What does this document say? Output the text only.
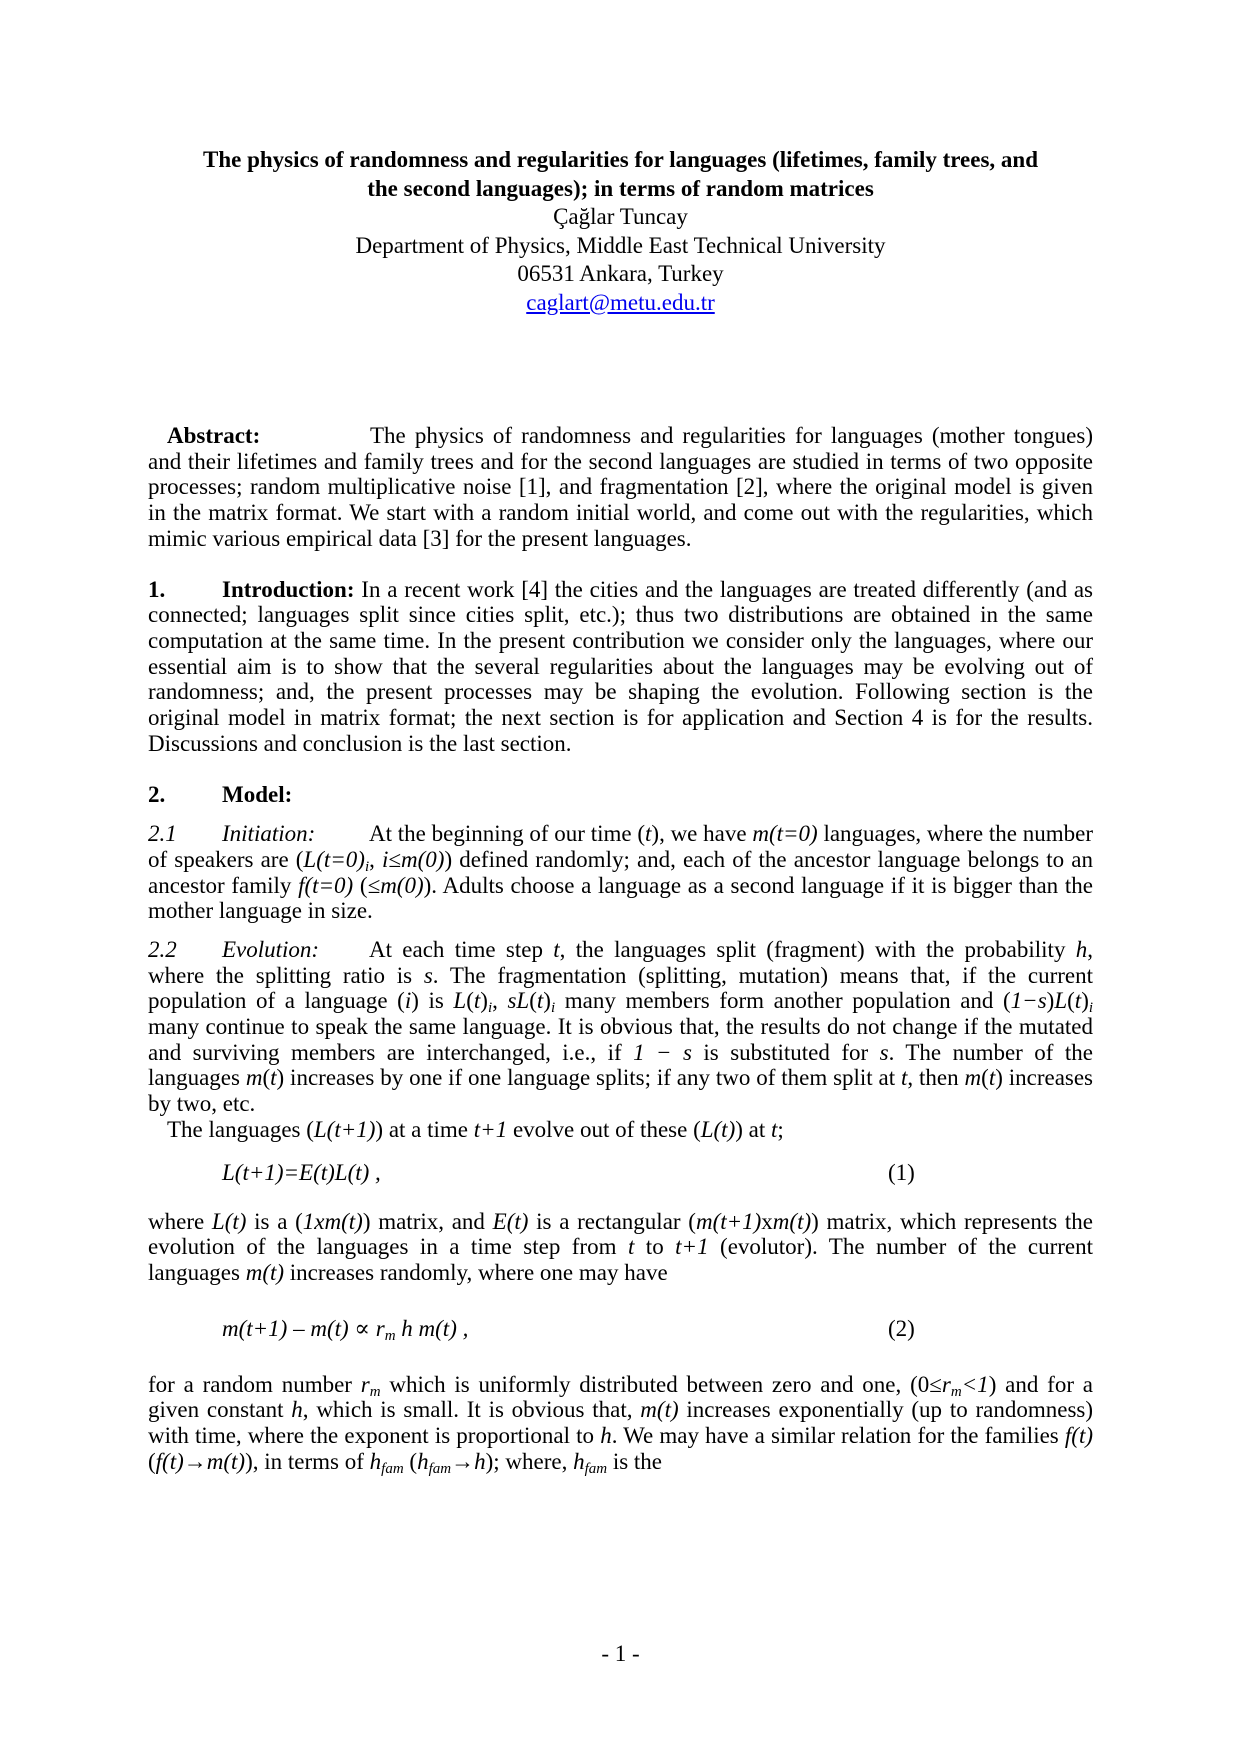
The physics of randomness and regularities for languages (lifetimes, family trees, and
the second languages); in terms of random matrices
Çağlar Tuncay
Department of Physics, Middle East Technical University
06531 Ankara, Turkey
caglart@metu.edu.tr
Abstract:	The physics of randomness and regularities for languages (mother tongues) and their lifetimes and family trees and for the second languages are studied in terms of two opposite processes; random multiplicative noise [1], and fragmentation [2], where the original model is given in the matrix format. We start with a random initial world, and come out with the regularities, which mimic various empirical data [3] for the present languages.
1. Introduction: In a recent work [4] the cities and the languages are treated differently (and as connected; languages split since cities split, etc.); thus two distributions are obtained in the same computation at the same time. In the present contribution we consider only the languages, where our essential aim is to show that the several regularities about the languages may be evolving out of randomness; and, the present processes may be shaping the evolution. Following section is the original model in matrix format; the next section is for application and Section 4 is for the results. Discussions and conclusion is the last section.
2. Model:
2.1 Initiation: At the beginning of our time (t), we have m(t=0) languages, where the number of speakers are ($L(t=0)_i$, i≤m(0)) defined randomly; and, each of the ancestor language belongs to an ancestor family f(t=0) (≤m(0)). Adults choose a language as a second language if it is bigger than the mother language in size.
2.2 Evolution: At each time step t, the languages split (fragment) with the probability h, where the splitting ratio is s. The fragmentation (splitting, mutation) means that, if the current population of a language (i) is $L(t)_i$, $sL(t)_i$ many members form another population and $(1-s)L(t)_i$ many continue to speak the same language. It is obvious that, the results do not change if the mutated and surviving members are interchanged, i.e., if 1 − s is substituted for s. The number of the languages m(t) increases by one if one language splits; if any two of them split at t, then m(t) increases by two, etc.
The languages (L(t+1)) at a time t+1 evolve out of these (L(t)) at t;
L(t+1)=E(t)L(t) ,	(1)
where L(t) is a (1xm(t)) matrix, and E(t) is a rectangular (m(t+1)xm(t)) matrix, which represents the evolution of the languages in a time step from t to t+1 (evolutor). The number of the current languages m(t) increases randomly, where one may have
$m(t+1) - m(t) \propto r_m$ h m(t) ,	(2)
for a random number $r_m$ which is uniformly distributed between zero and one, $(0\le r_m<1)$ and for a given constant h, which is small. It is obvious that, m(t) increases exponentially (up to randomness) with time, where the exponent is proportional to h. We may have a similar relation for the families f(t) (f(t)→m(t)), in terms of $h_{fam}$ $(h_{fam}\to h)$; where, $h_{fam}$ is the
- 1 -
